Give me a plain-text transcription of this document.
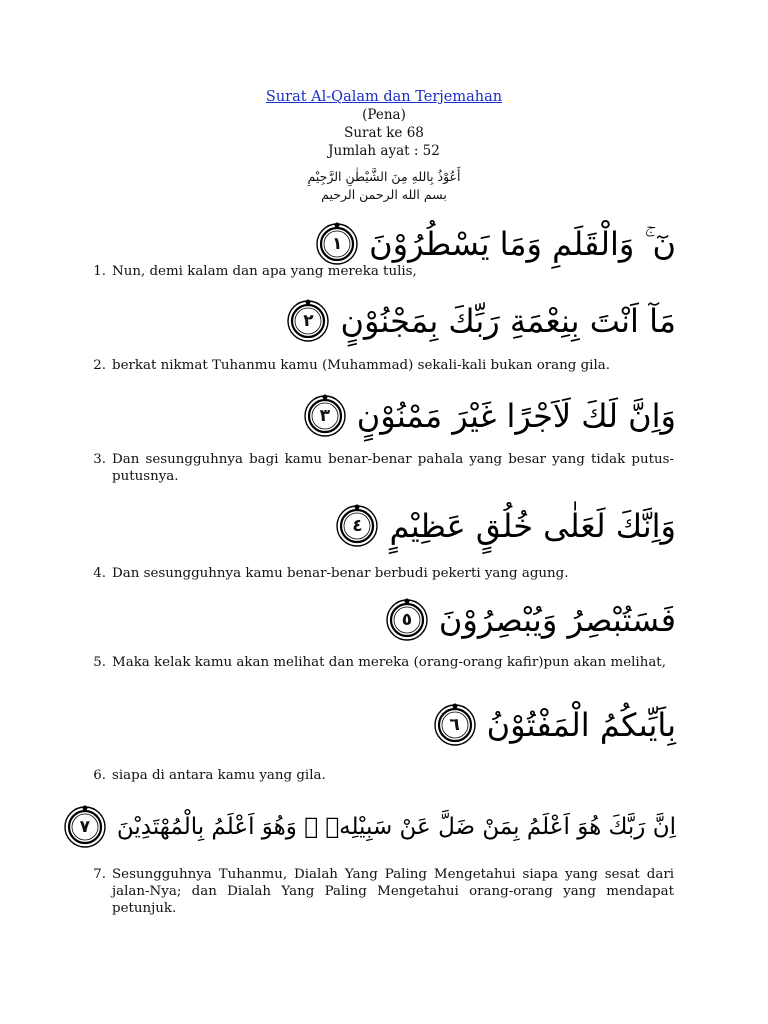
Surat Al-Qalam dan Terjemahan
(Pena)
Surat ke 68
Jumlah ayat : 52
أَعُوْذُ بِاللهِ مِنَ الشَّيْطٰنِ الرَّجِيْمِ
بسم الله الرحمن الرحيم
نٓ ۚ وَالْقَلَمِ وَمَا يَسْطُرُوْنَ
١
1. Nun, demi kalam dan apa yang mereka tulis,
مَآ اَنْتَ بِنِعْمَةِ رَبِّكَ بِمَجْنُوْنٍ
٢
2. berkat nikmat Tuhanmu kamu (Muhammad) sekali-kali bukan orang gila.
وَاِنَّ لَكَ لَاَجْرًا غَيْرَ مَمْنُوْنٍ
٣
3. Dan sesungguhnya bagi kamu benar-benar pahala yang besar yang tidak putus-putusnya.
وَاِنَّكَ لَعَلٰى خُلُقٍ عَظِيْمٍ
٤
4. Dan sesungguhnya kamu benar-benar berbudi pekerti yang agung.
فَسَتُبْصِرُ وَيُبْصِرُوْنَ
٥
5. Maka kelak kamu akan melihat dan mereka (orang-orang kafir)pun akan melihat,
بِاَيِّىكُمُ الْمَفْتُوْنُ
٦
6. siapa di antara kamu yang gila.
اِنَّ رَبَّكَ هُوَ اَعْلَمُ بِمَنْ ضَلَّ عَنْ سَبِيْلِهٖ ۖ وَهُوَ اَعْلَمُ بِالْمُهْتَدِيْنَ
٧
7. Sesungguhnya Tuhanmu, Dialah Yang Paling Mengetahui siapa yang sesat dari jalan-Nya; dan Dialah Yang Paling Mengetahui orang-orang yang mendapat petunjuk.
